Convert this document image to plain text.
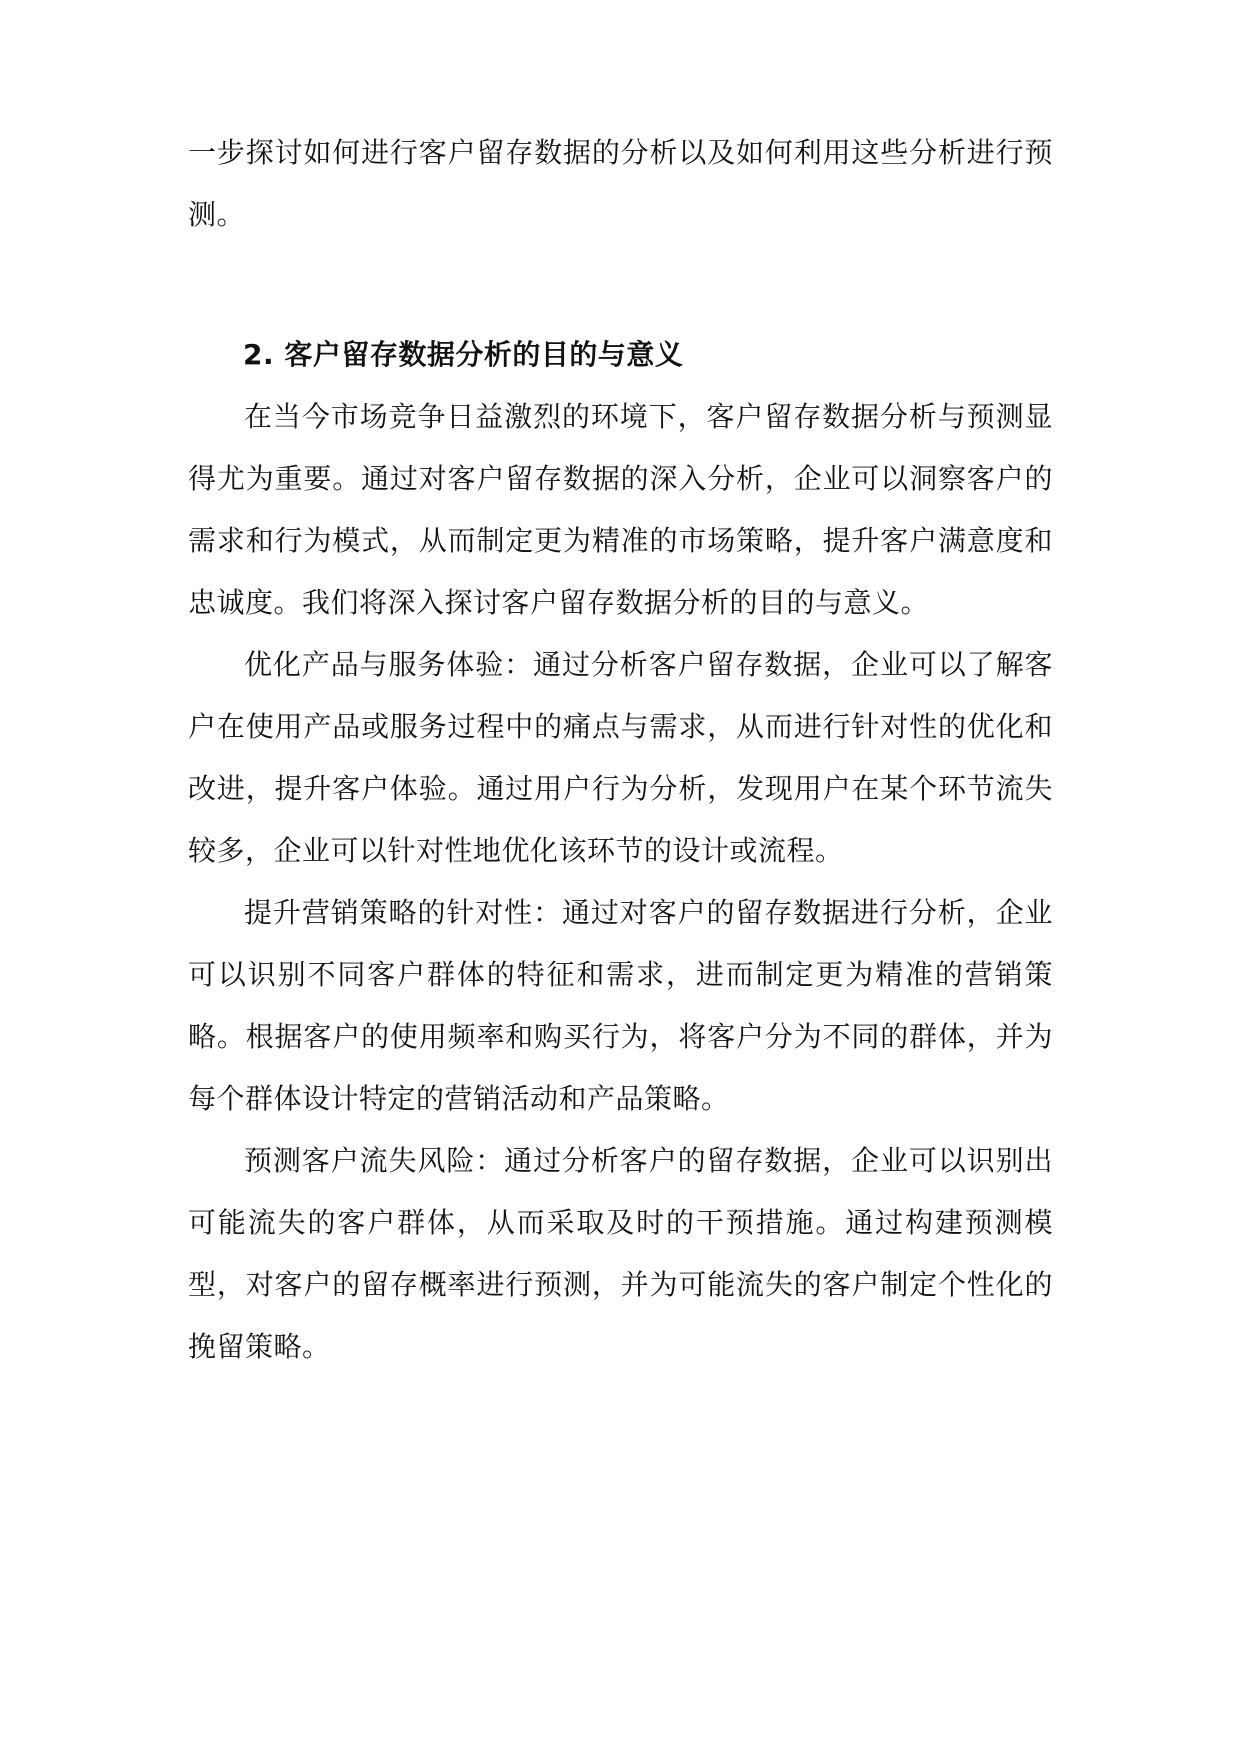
一步探讨如何进行客户留存数据的分析以及如何利用这些分析进行预测。

2. 客户留存数据分析的目的与意义

在当今市场竞争日益激烈的环境下，客户留存数据分析与预测显得尤为重要。通过对客户留存数据的深入分析，企业可以洞察客户的需求和行为模式，从而制定更为精准的市场策略，提升客户满意度和忠诚度。我们将深入探讨客户留存数据分析的目的与意义。

优化产品与服务体验：通过分析客户留存数据，企业可以了解客户在使用产品或服务过程中的痛点与需求，从而进行针对性的优化和改进，提升客户体验。通过用户行为分析，发现用户在某个环节流失较多，企业可以针对性地优化该环节的设计或流程。

提升营销策略的针对性：通过对客户的留存数据进行分析，企业可以识别不同客户群体的特征和需求，进而制定更为精准的营销策略。根据客户的使用频率和购买行为，将客户分为不同的群体，并为每个群体设计特定的营销活动和产品策略。

预测客户流失风险：通过分析客户的留存数据，企业可以识别出可能流失的客户群体，从而采取及时的干预措施。通过构建预测模型，对客户的留存概率进行预测，并为可能流失的客户制定个性化的挽留策略。
